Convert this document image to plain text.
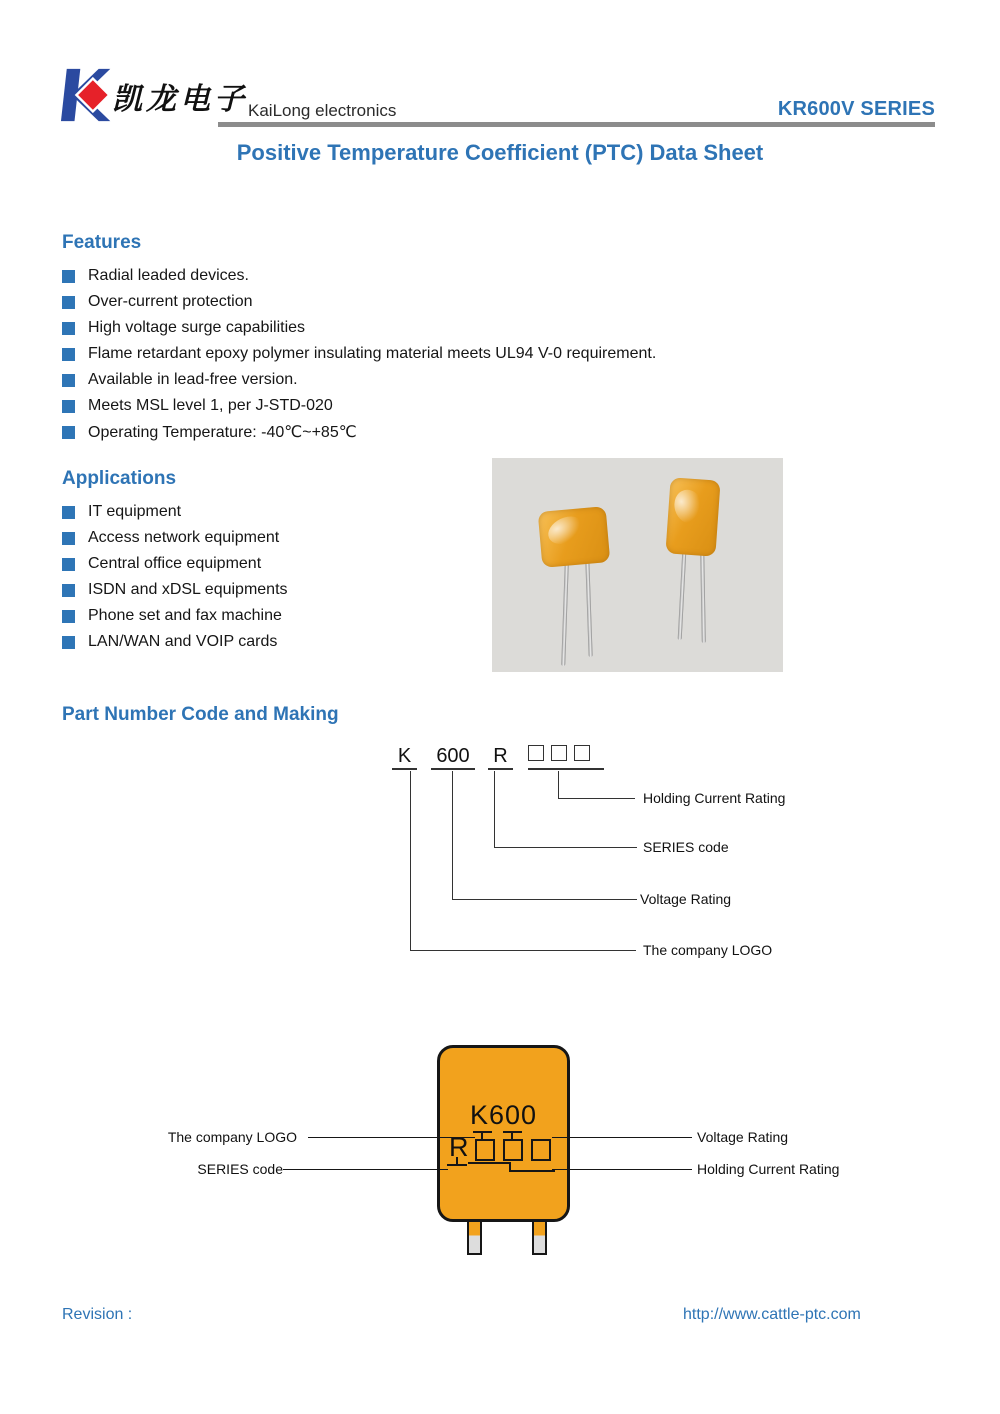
凯龙电子 KaiLong electronics	KR600V SERIES
Positive Temperature Coefficient (PTC) Data Sheet
Features
Radial leaded devices.
Over-current protection
High voltage surge capabilities
Flame retardant epoxy polymer insulating material meets UL94 V-0 requirement.
Available in lead-free version.
Meets MSL level 1, per J-STD-020
Operating Temperature: -40℃~+85℃
Applications
IT equipment
Access network equipment
Central office equipment
ISDN and xDSL equipments
Phone set and fax machine
LAN/WAN and VOIP cards
Part Number Code and Making
K 600 R
Holding Current Rating
SERIES code
Voltage Rating
The company LOGO
K600
R
The company LOGO
SERIES code
Voltage Rating
Holding Current Rating
Revision :	http://www.cattle-ptc.com
